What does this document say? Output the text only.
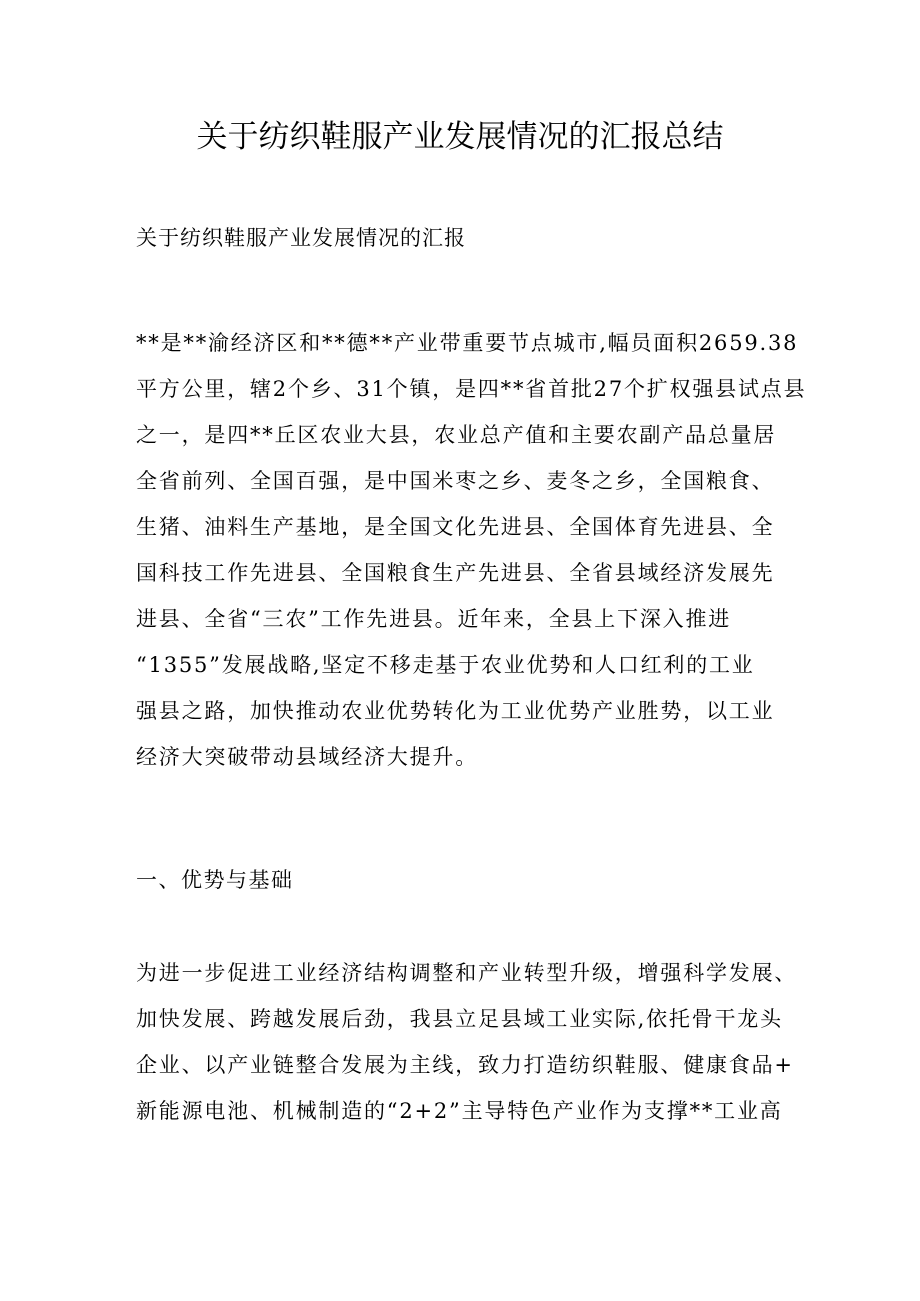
关于纺织鞋服产业发展情况的汇报总结
关于纺织鞋服产业发展情况的汇报
**是**渝经济区和**德**产业带重要节点城市,幅员面积2659.38
平方公里，辖2个乡、31个镇，是四**省首批27个扩权强县试点县
之一，是四**丘区农业大县，农业总产值和主要农副产品总量居
全省前列、全国百强，是中国米枣之乡、麦冬之乡，全国粮食、
生猪、油料生产基地，是全国文化先进县、全国体育先进县、全
国科技工作先进县、全国粮食生产先进县、全省县域经济发展先
进县、全省“三农”工作先进县。近年来，全县上下深入推进
“1355”发展战略,坚定不移走基于农业优势和人口红利的工业
强县之路，加快推动农业优势转化为工业优势产业胜势，以工业
经济大突破带动县域经济大提升。
一、优势与基础
为进一步促进工业经济结构调整和产业转型升级，增强科学发展、
加快发展、跨越发展后劲，我县立足县域工业实际,依托骨干龙头
企业、以产业链整合发展为主线，致力打造纺织鞋服、健康食品+
新能源电池、机械制造的“2+2”主导特色产业作为支撑**工业高
